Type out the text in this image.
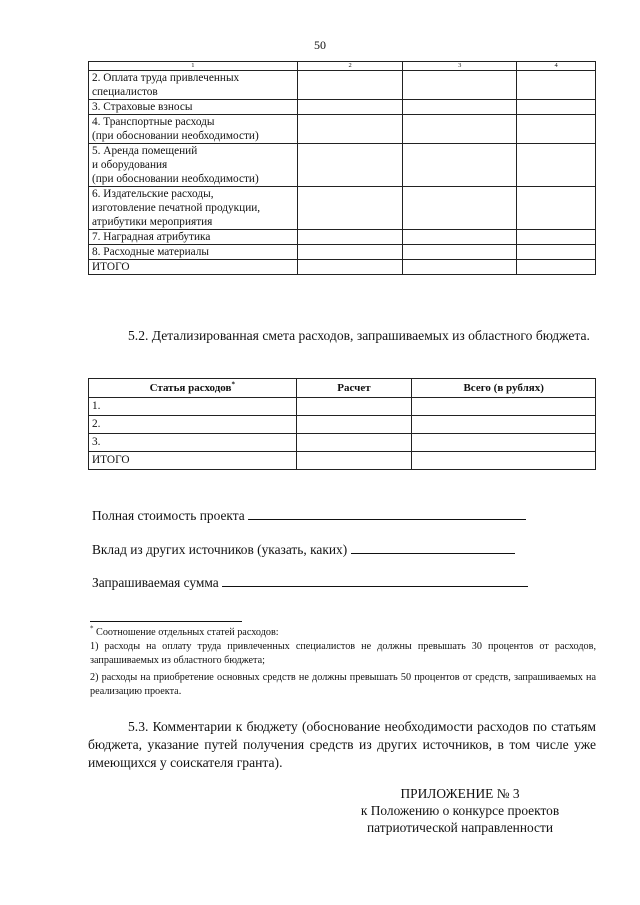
50
1	2	3	4
2. Оплата труда привлеченных
специалистов			
3. Страховые взносы			
4. Транспортные расходы
(при обосновании необходимости)			
5. Аренда помещений
и оборудования
(при обосновании необходимости)			
6. Издательские расходы,
изготовление печатной продукции,
атрибутики мероприятия			
7. Наградная атрибутика			
8. Расходные материалы			
ИТОГО			
5.2. Детализированная смета расходов, запрашиваемых из областного бюджета.
Статья расходов*	Расчет	Всего (в рублях)
1.		
2.		
3.		
ИТОГО		
Полная стоимость проекта
Вклад из других источников (указать, каких)
Запрашиваемая сумма
* Соотношение отдельных статей расходов:
1) расходы на оплату труда привлеченных специалистов не должны превышать 30 процентов от расходов, запрашиваемых из областного бюджета;
2) расходы на приобретение основных средств не должны превышать 50 процентов от средств, запрашиваемых на реализацию проекта.
5.3. Комментарии к бюджету (обоснование необходимости расходов по статьям бюджета, указание путей получения средств из других источников, в том числе уже имеющихся у соискателя гранта).
ПРИЛОЖЕНИЕ № 3
к Положению о конкурсе проектов
патриотической направленности
